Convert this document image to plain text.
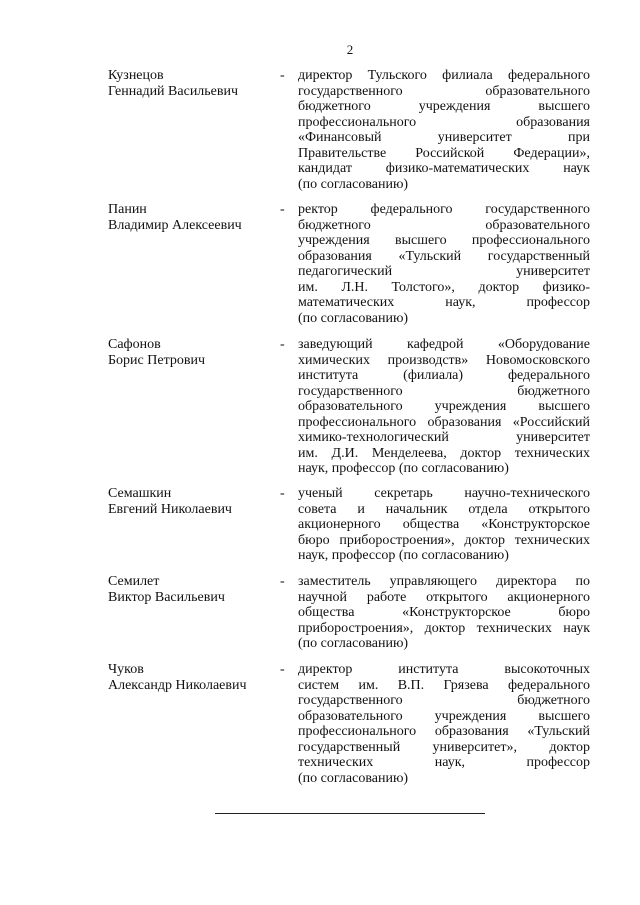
2
Кузнецов
Геннадий Васильевич
- директор Тульского филиала федерального
государственного образовательного
бюджетного учреждения высшего
профессионального образования
«Финансовый университет при
Правительстве Российской Федерации»,
кандидат физико-математических наук
(по согласованию)
Панин
Владимир Алексеевич
- ректор федерального государственного
бюджетного образовательного
учреждения высшего профессионального
образования «Тульский государственный
педагогический университет
им. Л.Н. Толстого», доктор физико-
математических наук, профессор
(по согласованию)
Сафонов
Борис Петрович
- заведующий кафедрой «Оборудование
химических производств» Новомосковского
института (филиала) федерального
государственного бюджетного
образовательного учреждения высшего
профессионального образования «Российский
химико-технологический университет
им. Д.И. Менделеева, доктор технических
наук, профессор (по согласованию)
Семашкин
Евгений Николаевич
- ученый секретарь научно-технического
совета и начальник отдела открытого
акционерного общества «Конструкторское
бюро приборостроения», доктор технических
наук, профессор (по согласованию)
Семилет
Виктор Васильевич
- заместитель управляющего директора по
научной работе открытого акционерного
общества «Конструкторское бюро
приборостроения», доктор технических наук
(по согласованию)
Чуков
Александр Николаевич
- директор института высокоточных
систем им. В.П. Грязева федерального
государственного бюджетного
образовательного учреждения высшего
профессионального образования «Тульский
государственный университет», доктор
технических наук, профессор
(по согласованию)
